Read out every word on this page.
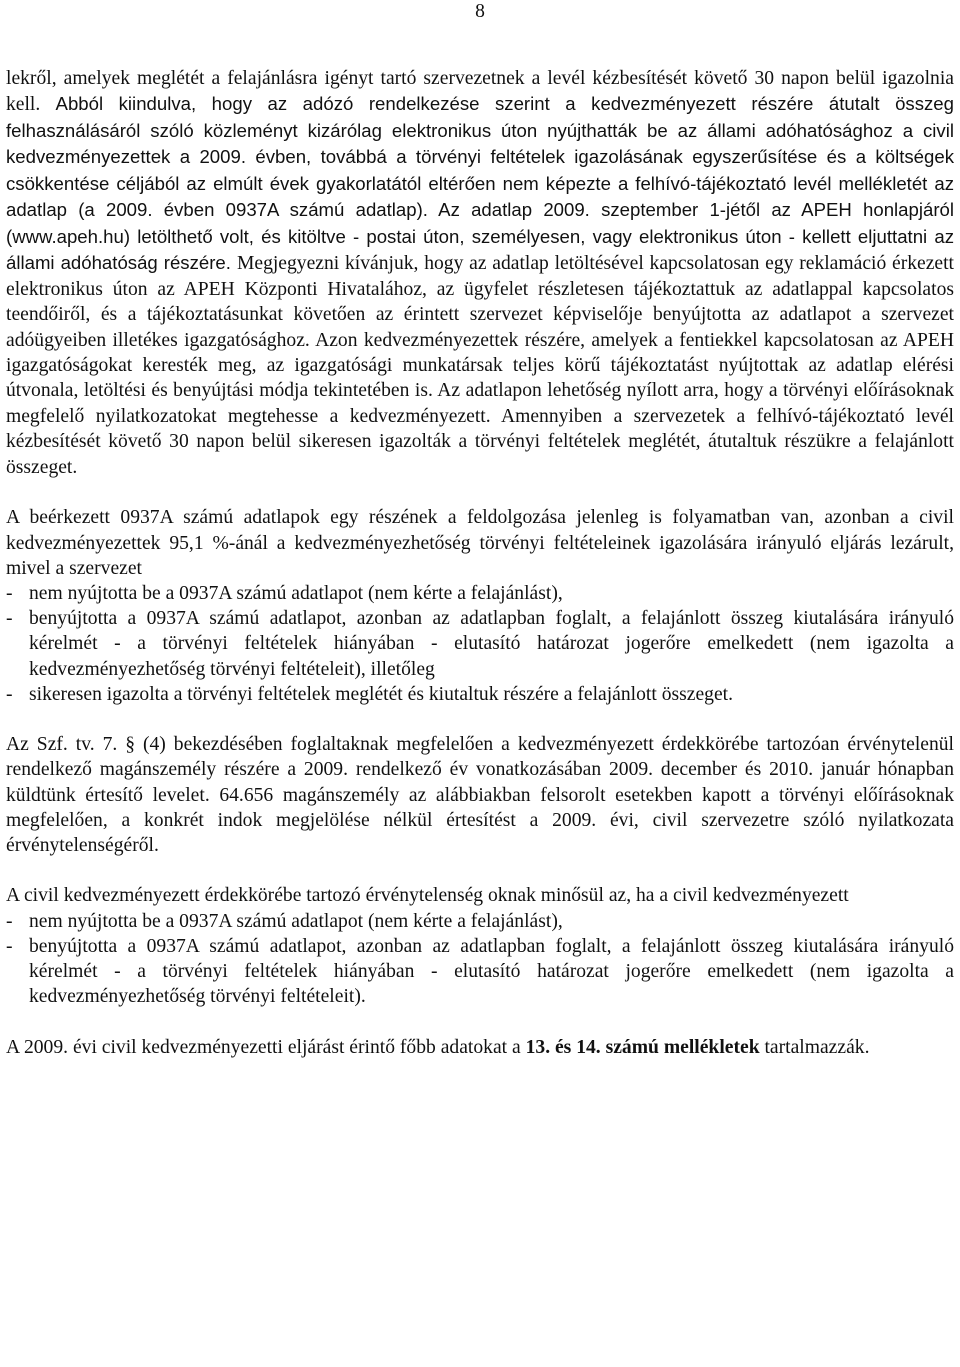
8

lekről, amelyek meglétét a felajánlásra igényt tartó szervezetnek a levél kézbesítését követő 30 napon belül igazolnia kell. Abból kiindulva, hogy az adózó rendelkezése szerint a kedvezményezett részére átutalt összeg felhasználásáról szóló közleményt kizárólag elektronikus úton nyújthatták be az állami adóhatósághoz a civil kedvezményezettek a 2009. évben, továbbá a törvényi feltételek igazolásának egyszerűsítése és a költségek csökkentése céljából az elmúlt évek gyakorlatától eltérően nem képezte a felhívó-tájékoztató levél mellékletét az adatlap (a 2009. évben 0937A számú adatlap). Az adatlap 2009. szeptember 1-jétől az APEH honlapjáról (www.apeh.hu) letölthető volt, és kitöltve - postai úton, személyesen, vagy elektronikus úton - kellett eljuttatni az állami adóhatóság részére. Megjegyezni kívánjuk, hogy az adatlap letöltésével kapcsolatosan egy reklamáció érkezett elektronikus úton az APEH Központi Hivatalához, az ügyfelet részletesen tájékoztattuk az adatlappal kapcsolatos teendőiről, és a tájékoztatásunkat követően az érintett szervezet képviselője benyújtotta az adatlapot a szervezet adóügyeiben illetékes igazgatósághoz. Azon kedvezményezettek részére, amelyek a fentiekkel kapcsolatosan az APEH igazgatóságokat keresték meg, az igazgatósági munkatársak teljes körű tájékoztatást nyújtottak az adatlap elérési útvonala, letöltési és benyújtási módja tekintetében is. Az adatlapon lehetőség nyílott arra, hogy a törvényi előírásoknak megfelelő nyilatkozatokat megtehesse a kedvezményezett. Amennyiben a szervezetek a felhívó-tájékoztató levél kézbesítését követő 30 napon belül sikeresen igazolták a törvényi feltételek meglétét, átutaltuk részükre a felajánlott összeget.

A beérkezett 0937A számú adatlapok egy részének a feldolgozása jelenleg is folyamatban van, azonban a civil kedvezményezettek 95,1 %-ánál a kedvezményezhetőség törvényi feltételeinek igazolására irányuló eljárás lezárult, mivel a szervezet

- nem nyújtotta be a 0937A számú adatlapot (nem kérte a felajánlást),
- benyújtotta a 0937A számú adatlapot, azonban az adatlapban foglalt, a felajánlott összeg kiutalására irányuló kérelmét - a törvényi feltételek hiányában - elutasító határozat jogerőre emelkedett (nem igazolta a kedvezményezhetőség törvényi feltételeit), illetőleg
- sikeresen igazolta a törvényi feltételek meglétét és kiutaltuk részére a felajánlott összeget.

Az Szf. tv. 7. § (4) bekezdésében foglaltaknak megfelelően a kedvezményezett érdekkörébe tartozóan érvénytelenül rendelkező magánszemély részére a 2009. rendelkező év vonatkozásában 2009. december és 2010. január hónapban küldtünk értesítő levelet. 64.656 magánszemély az alábbiakban felsorolt esetekben kapott a törvényi előírásoknak megfelelően, a konkrét indok megjelölése nélkül értesítést a 2009. évi, civil szervezetre szóló nyilatkozata érvénytelenségéről.

A civil kedvezményezett érdekkörébe tartozó érvénytelenség oknak minősül az, ha a civil kedvezményezett

- nem nyújtotta be a 0937A számú adatlapot (nem kérte a felajánlást),
- benyújtotta a 0937A számú adatlapot, azonban az adatlapban foglalt, a felajánlott összeg kiutalására irányuló kérelmét - a törvényi feltételek hiányában - elutasító határozat jogerőre emelkedett (nem igazolta a kedvezményezhetőség törvényi feltételeit).

A 2009. évi civil kedvezményezetti eljárást érintő főbb adatokat a 13. és 14. számú mellékletek tartalmazzák.
